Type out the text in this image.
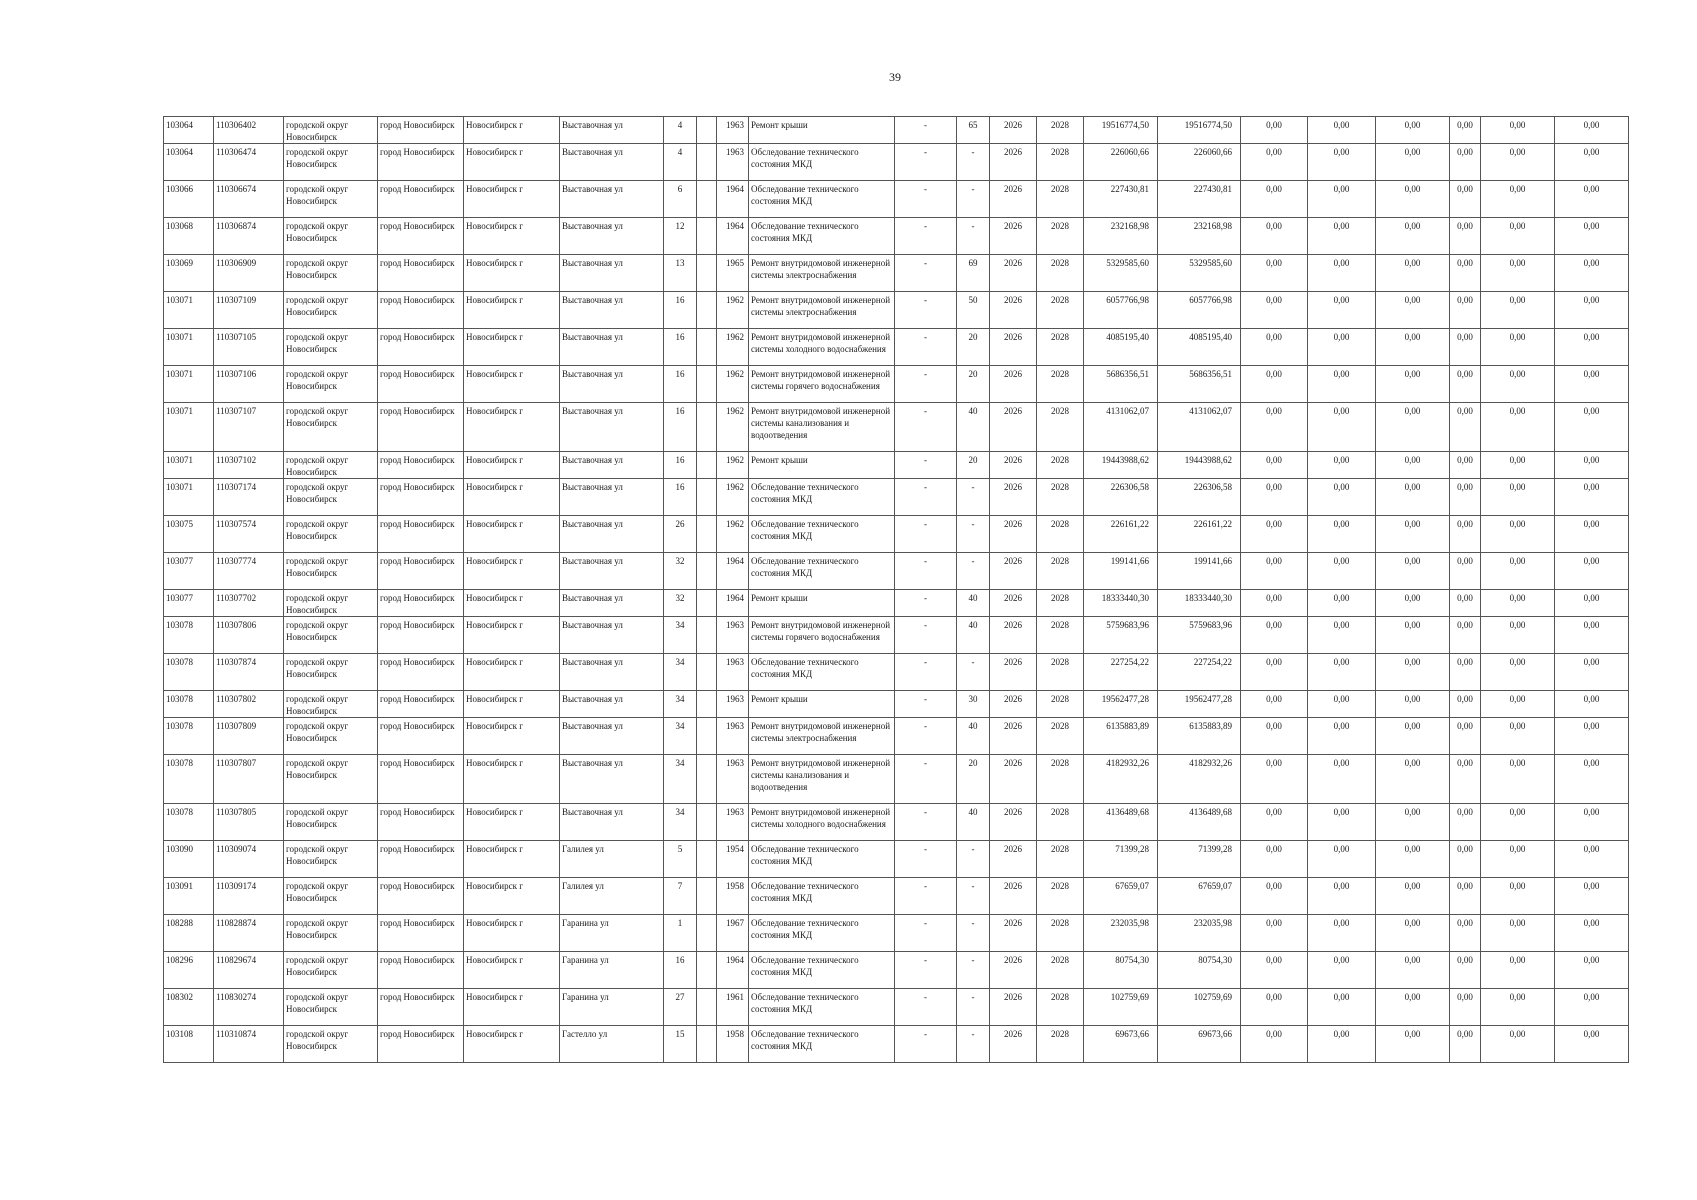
39
103064	110306402	городской округ Новосибирск	город Новосибирск	Новосибирск г	Выставочная ул	4		1963	Ремонт крыши	-	65	2026	2028	19516774,50	19516774,50	0,00	0,00	0,00	0,00	0,00	0,00
103064	110306474	городской округ Новосибирск	город Новосибирск	Новосибирск г	Выставочная ул	4		1963	Обследование технического состояния МКД	-	-	2026	2028	226060,66	226060,66	0,00	0,00	0,00	0,00	0,00	0,00
103066	110306674	городской округ Новосибирск	город Новосибирск	Новосибирск г	Выставочная ул	6		1964	Обследование технического состояния МКД	-	-	2026	2028	227430,81	227430,81	0,00	0,00	0,00	0,00	0,00	0,00
103068	110306874	городской округ Новосибирск	город Новосибирск	Новосибирск г	Выставочная ул	12		1964	Обследование технического состояния МКД	-	-	2026	2028	232168,98	232168,98	0,00	0,00	0,00	0,00	0,00	0,00
103069	110306909	городской округ Новосибирск	город Новосибирск	Новосибирск г	Выставочная ул	13		1965	Ремонт внутридомовой инженерной системы электроснабжения	-	69	2026	2028	5329585,60	5329585,60	0,00	0,00	0,00	0,00	0,00	0,00
103071	110307109	городской округ Новосибирск	город Новосибирск	Новосибирск г	Выставочная ул	16		1962	Ремонт внутридомовой инженерной системы электроснабжения	-	50	2026	2028	6057766,98	6057766,98	0,00	0,00	0,00	0,00	0,00	0,00
103071	110307105	городской округ Новосибирск	город Новосибирск	Новосибирск г	Выставочная ул	16		1962	Ремонт внутридомовой инженерной системы холодного водоснабжения	-	20	2026	2028	4085195,40	4085195,40	0,00	0,00	0,00	0,00	0,00	0,00
103071	110307106	городской округ Новосибирск	город Новосибирск	Новосибирск г	Выставочная ул	16		1962	Ремонт внутридомовой инженерной системы горячего водоснабжения	-	20	2026	2028	5686356,51	5686356,51	0,00	0,00	0,00	0,00	0,00	0,00
103071	110307107	городской округ Новосибирск	город Новосибирск	Новосибирск г	Выставочная ул	16		1962	Ремонт внутридомовой инженерной системы канализования и водоотведения	-	40	2026	2028	4131062,07	4131062,07	0,00	0,00	0,00	0,00	0,00	0,00
103071	110307102	городской округ Новосибирск	город Новосибирск	Новосибирск г	Выставочная ул	16		1962	Ремонт крыши	-	20	2026	2028	19443988,62	19443988,62	0,00	0,00	0,00	0,00	0,00	0,00
103071	110307174	городской округ Новосибирск	город Новосибирск	Новосибирск г	Выставочная ул	16		1962	Обследование технического состояния МКД	-	-	2026	2028	226306,58	226306,58	0,00	0,00	0,00	0,00	0,00	0,00
103075	110307574	городской округ Новосибирск	город Новосибирск	Новосибирск г	Выставочная ул	26		1962	Обследование технического состояния МКД	-	-	2026	2028	226161,22	226161,22	0,00	0,00	0,00	0,00	0,00	0,00
103077	110307774	городской округ Новосибирск	город Новосибирск	Новосибирск г	Выставочная ул	32		1964	Обследование технического состояния МКД	-	-	2026	2028	199141,66	199141,66	0,00	0,00	0,00	0,00	0,00	0,00
103077	110307702	городской округ Новосибирск	город Новосибирск	Новосибирск г	Выставочная ул	32		1964	Ремонт крыши	-	40	2026	2028	18333440,30	18333440,30	0,00	0,00	0,00	0,00	0,00	0,00
103078	110307806	городской округ Новосибирск	город Новосибирск	Новосибирск г	Выставочная ул	34		1963	Ремонт внутридомовой инженерной системы горячего водоснабжения	-	40	2026	2028	5759683,96	5759683,96	0,00	0,00	0,00	0,00	0,00	0,00
103078	110307874	городской округ Новосибирск	город Новосибирск	Новосибирск г	Выставочная ул	34		1963	Обследование технического состояния МКД	-	-	2026	2028	227254,22	227254,22	0,00	0,00	0,00	0,00	0,00	0,00
103078	110307802	городской округ Новосибирск	город Новосибирск	Новосибирск г	Выставочная ул	34		1963	Ремонт крыши	-	30	2026	2028	19562477,28	19562477,28	0,00	0,00	0,00	0,00	0,00	0,00
103078	110307809	городской округ Новосибирск	город Новосибирск	Новосибирск г	Выставочная ул	34		1963	Ремонт внутридомовой инженерной системы электроснабжения	-	40	2026	2028	6135883,89	6135883,89	0,00	0,00	0,00	0,00	0,00	0,00
103078	110307807	городской округ Новосибирск	город Новосибирск	Новосибирск г	Выставочная ул	34		1963	Ремонт внутридомовой инженерной системы канализования и водоотведения	-	20	2026	2028	4182932,26	4182932,26	0,00	0,00	0,00	0,00	0,00	0,00
103078	110307805	городской округ Новосибирск	город Новосибирск	Новосибирск г	Выставочная ул	34		1963	Ремонт внутридомовой инженерной системы холодного водоснабжения	-	40	2026	2028	4136489,68	4136489,68	0,00	0,00	0,00	0,00	0,00	0,00
103090	110309074	городской округ Новосибирск	город Новосибирск	Новосибирск г	Галилея ул	5		1954	Обследование технического состояния МКД	-	-	2026	2028	71399,28	71399,28	0,00	0,00	0,00	0,00	0,00	0,00
103091	110309174	городской округ Новосибирск	город Новосибирск	Новосибирск г	Галилея ул	7		1958	Обследование технического состояния МКД	-	-	2026	2028	67659,07	67659,07	0,00	0,00	0,00	0,00	0,00	0,00
108288	110828874	городской округ Новосибирск	город Новосибирск	Новосибирск г	Гаранина ул	1		1967	Обследование технического состояния МКД	-	-	2026	2028	232035,98	232035,98	0,00	0,00	0,00	0,00	0,00	0,00
108296	110829674	городской округ Новосибирск	город Новосибирск	Новосибирск г	Гаранина ул	16		1964	Обследование технического состояния МКД	-	-	2026	2028	80754,30	80754,30	0,00	0,00	0,00	0,00	0,00	0,00
108302	110830274	городской округ Новосибирск	город Новосибирск	Новосибирск г	Гаранина ул	27		1961	Обследование технического состояния МКД	-	-	2026	2028	102759,69	102759,69	0,00	0,00	0,00	0,00	0,00	0,00
103108	110310874	городской округ Новосибирск	город Новосибирск	Новосибирск г	Гастелло ул	15		1958	Обследование технического состояния МКД	-	-	2026	2028	69673,66	69673,66	0,00	0,00	0,00	0,00	0,00	0,00
